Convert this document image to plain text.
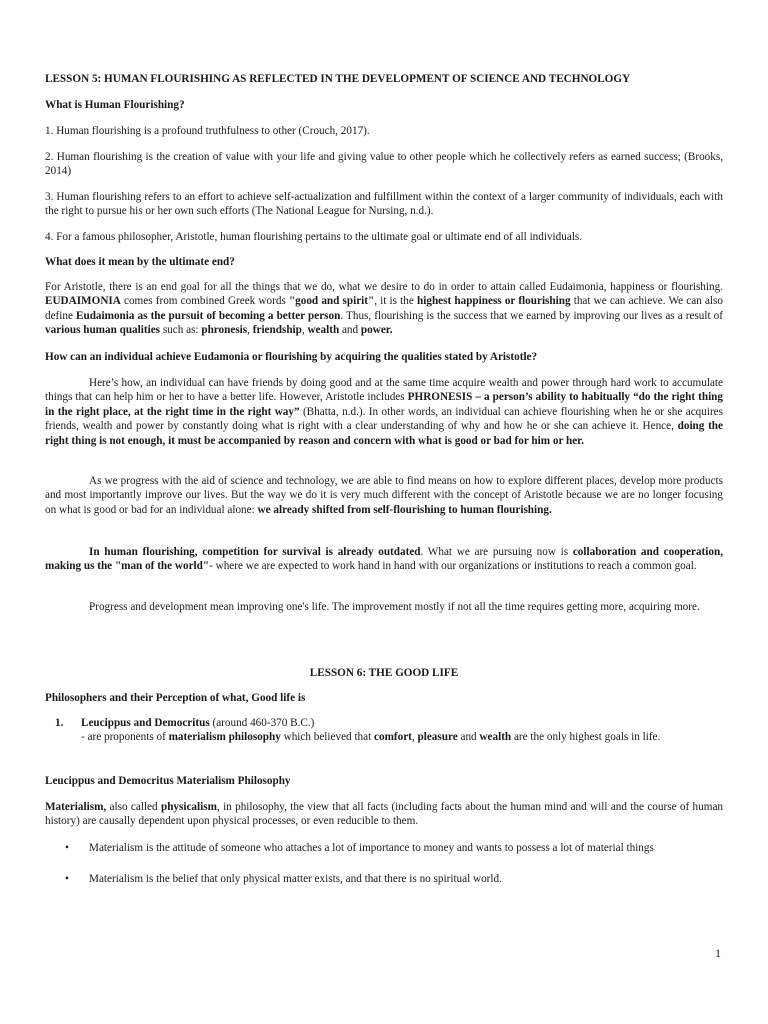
LESSON 5: HUMAN FLOURISHING AS REFLECTED IN THE DEVELOPMENT OF SCIENCE AND TECHNOLOGY

What is Human Flourishing?

1. Human flourishing is a profound truthfulness to other (Crouch, 2017).

2. Human flourishing is the creation of value with your life and giving value to other people which he collectively refers as earned success; (Brooks, 2014)

3. Human flourishing refers to an effort to achieve self-actualization and fulfillment within the context of a larger community of individuals, each with the right to pursue his or her own such efforts (The National League for Nursing, n.d.).

4. For a famous philosopher, Aristotle, human flourishing pertains to the ultimate goal or ultimate end of all individuals.

What does it mean by the ultimate end?

For Aristotle, there is an end goal for all the things that we do, what we desire to do in order to attain called Eudaimonia, happiness or flourishing. EUDAIMONIA comes from combined Greek words "good and spirit", it is the highest happiness or flourishing that we can achieve. We can also define Eudaimonia as the pursuit of becoming a better person. Thus, flourishing is the success that we earned by improving our lives as a result of various human qualities such as: phronesis, friendship, wealth and power.

How can an individual achieve Eudamonia or flourishing by acquiring the qualities stated by Aristotle?

Here’s how, an individual can have friends by doing good and at the same time acquire wealth and power through hard work to accumulate things that can help him or her to have a better life. However, Aristotle includes PHRONESIS – a person’s ability to habitually “do the right thing in the right place, at the right time in the right way” (Bhatta, n.d.). In other words, an individual can achieve flourishing when he or she acquires friends, wealth and power by constantly doing what is right with a clear understanding of why and how he or she can achieve it. Hence, doing the right thing is not enough, it must be accompanied by reason and concern with what is good or bad for him or her.

As we progress with the aid of science and technology, we are able to find means on how to explore different places, develop more products and most importantly improve our lives. But the way we do it is very much different with the concept of Aristotle because we are no longer focusing on what is good or bad for an individual alone: we already shifted from self-flourishing to human flourishing.

In human flourishing, competition for survival is already outdated. What we are pursuing now is collaboration and cooperation, making us the "man of the world"- where we are expected to work hand in hand with our organizations or institutions to reach a common goal.

Progress and development mean improving one's life. The improvement mostly if not all the time requires getting more, acquiring more.

LESSON 6: THE GOOD LIFE

Philosophers and their Perception of what, Good life is

1. Leucippus and Democritus (around 460-370 B.C.)

- are proponents of materialism philosophy which believed that comfort, pleasure and wealth are the only highest goals in life.

Leucippus and Democritus Materialism Philosophy

Materialism, also called physicalism, in philosophy, the view that all facts (including facts about the human mind and will and the course of human history) are causally dependent upon physical processes, or even reducible to them.

• Materialism is the attitude of someone who attaches a lot of importance to money and wants to possess a lot of material things

• Materialism is the belief that only physical matter exists, and that there is no spiritual world.

1
